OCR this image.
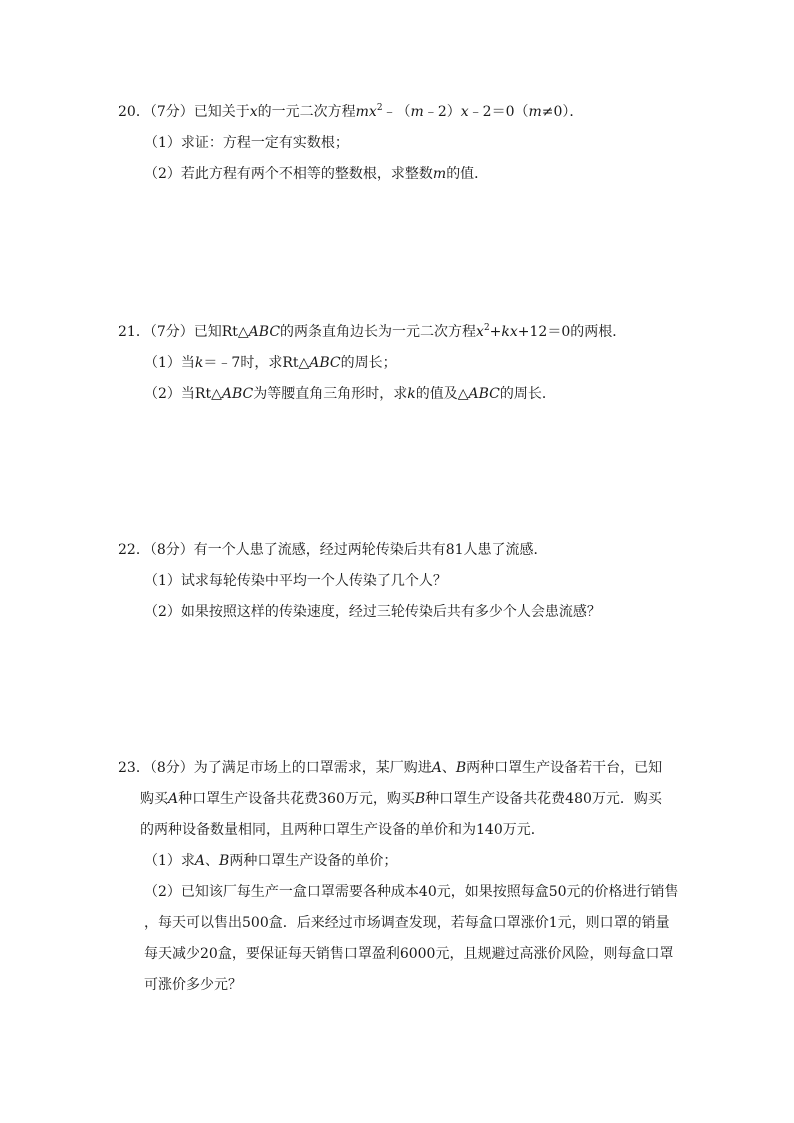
20．（7分）已知关于x的一元二次方程$mx^2﹣(m﹣2)x﹣2=0(m\ne 0)$．
（1）求证：方程一定有实数根；
（2）若此方程有两个不相等的整数根，求整数m的值．
21．（7分）已知Rt△ABC的两条直角边长为一元二次方程$x^2+kx+12=0$的两根．
（1）当k＝﹣7时，求Rt△ABC的周长；
（2）当Rt△ABC为等腰直角三角形时，求k的值及△ABC的周长．
22．（8分）有一个人患了流感，经过两轮传染后共有81人患了流感．
（1）试求每轮传染中平均一个人传染了几个人？
（2）如果按照这样的传染速度，经过三轮传染后共有多少个人会患流感？
23．（8分）为了满足市场上的口罩需求，某厂购进A、B两种口罩生产设备若干台，已知
购买A种口罩生产设备共花费360万元，购买B种口罩生产设备共花费480万元．购买
的两种设备数量相同，且两种口罩生产设备的单价和为140万元．
（1）求A、B两种口罩生产设备的单价；
（2）已知该厂每生产一盒口罩需要各种成本40元，如果按照每盒50元的价格进行销售
，每天可以售出500盒．后来经过市场调查发现，若每盒口罩涨价1元，则口罩的销量
每天减少20盒，要保证每天销售口罩盈利6000元，且规避过高涨价风险，则每盒口罩
可涨价多少元？
